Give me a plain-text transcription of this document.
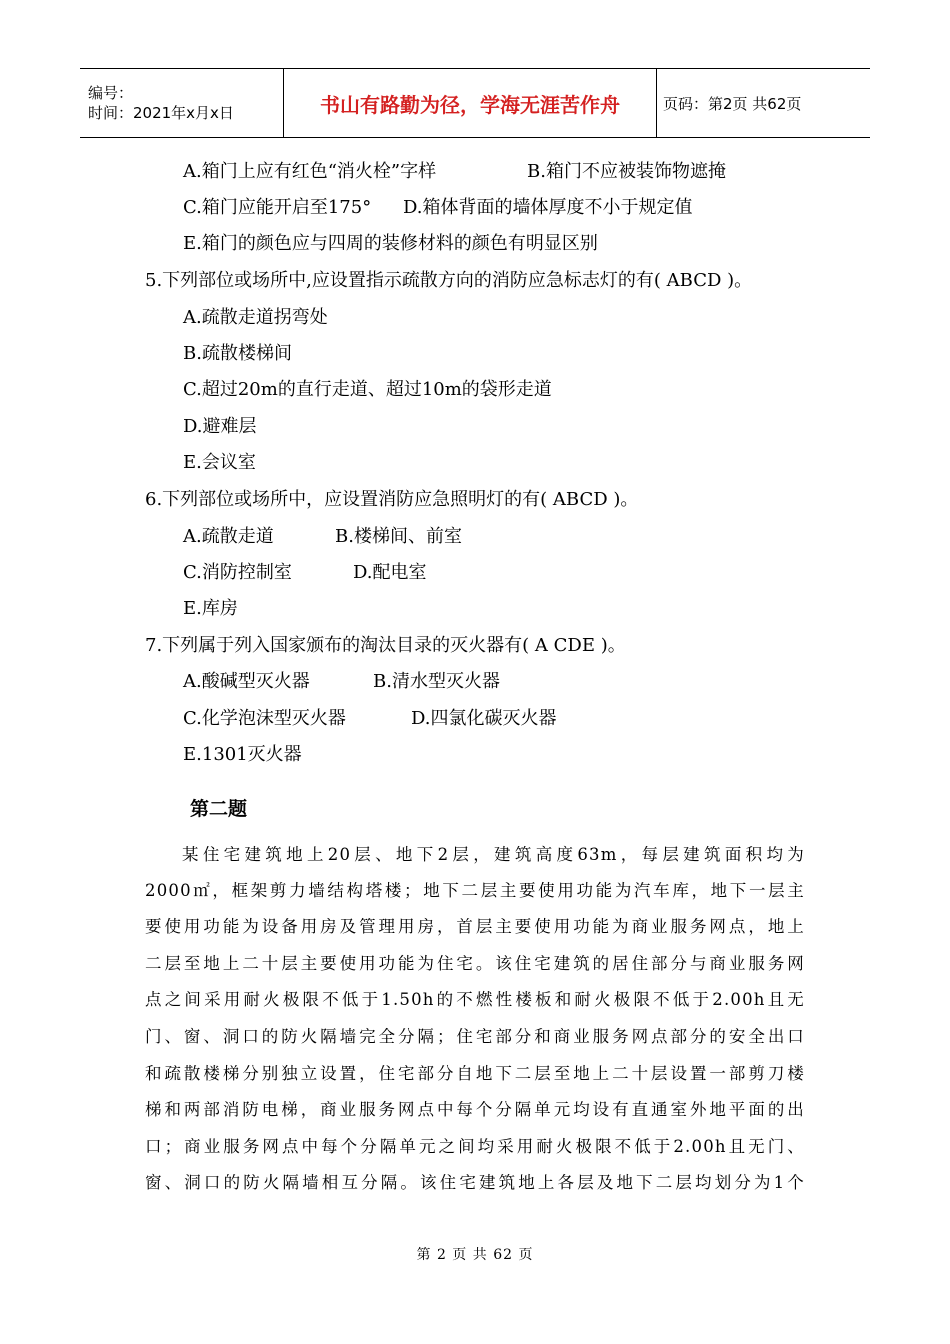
编号：
时间：2021年x月x日	书山有路勤为径，学海无涯苦作舟	页码：第2页 共62页
A.箱门上应有红色“消火栓”字样	B.箱门不应被装饰物遮掩
C.箱门应能开启至175° D.箱体背面的墙体厚度不小于规定值
E.箱门的颜色应与四周的装修材料的颜色有明显区别
5.下列部位或场所中,应设置指示疏散方向的消防应急标志灯的有( ABCD )。
A.疏散走道拐弯处
B.疏散楼梯间
C.超过20m的直行走道、超过10m的袋形走道
D.避难层
E.会议室
6.下列部位或场所中，应设置消防应急照明灯的有( ABCD )。
A.疏散走道	B.楼梯间、前室
C.消防控制室	D.配电室
E.库房
7.下列属于列入国家颁布的淘汰目录的灭火器有( A CDE )。
A.酸碱型灭火器	B.清水型灭火器
C.化学泡沫型灭火器	D.四氯化碳灭火器
E.1301灭火器
第二题
某住宅建筑地上20层、地下2层，建筑高度63m，每层建筑面积均为
2000㎡，框架剪力墙结构塔楼；地下二层主要使用功能为汽车库，地下一层主
要使用功能为设备用房及管理用房，首层主要使用功能为商业服务网点，地上
二层至地上二十层主要使用功能为住宅。该住宅建筑的居住部分与商业服务网
点之间采用耐火极限不低于1.50h的不燃性楼板和耐火极限不低于2.00h且无
门、窗、洞口的防火隔墙完全分隔；住宅部分和商业服务网点部分的安全出口
和疏散楼梯分别独立设置，住宅部分自地下二层至地上二十层设置一部剪刀楼
梯和两部消防电梯，商业服务网点中每个分隔单元均设有直通室外地平面的出
口；商业服务网点中每个分隔单元之间均采用耐火极限不低于2.00h且无门、
窗、洞口的防火隔墙相互分隔。该住宅建筑地上各层及地下二层均划分为1个
第 2 页 共 62 页
